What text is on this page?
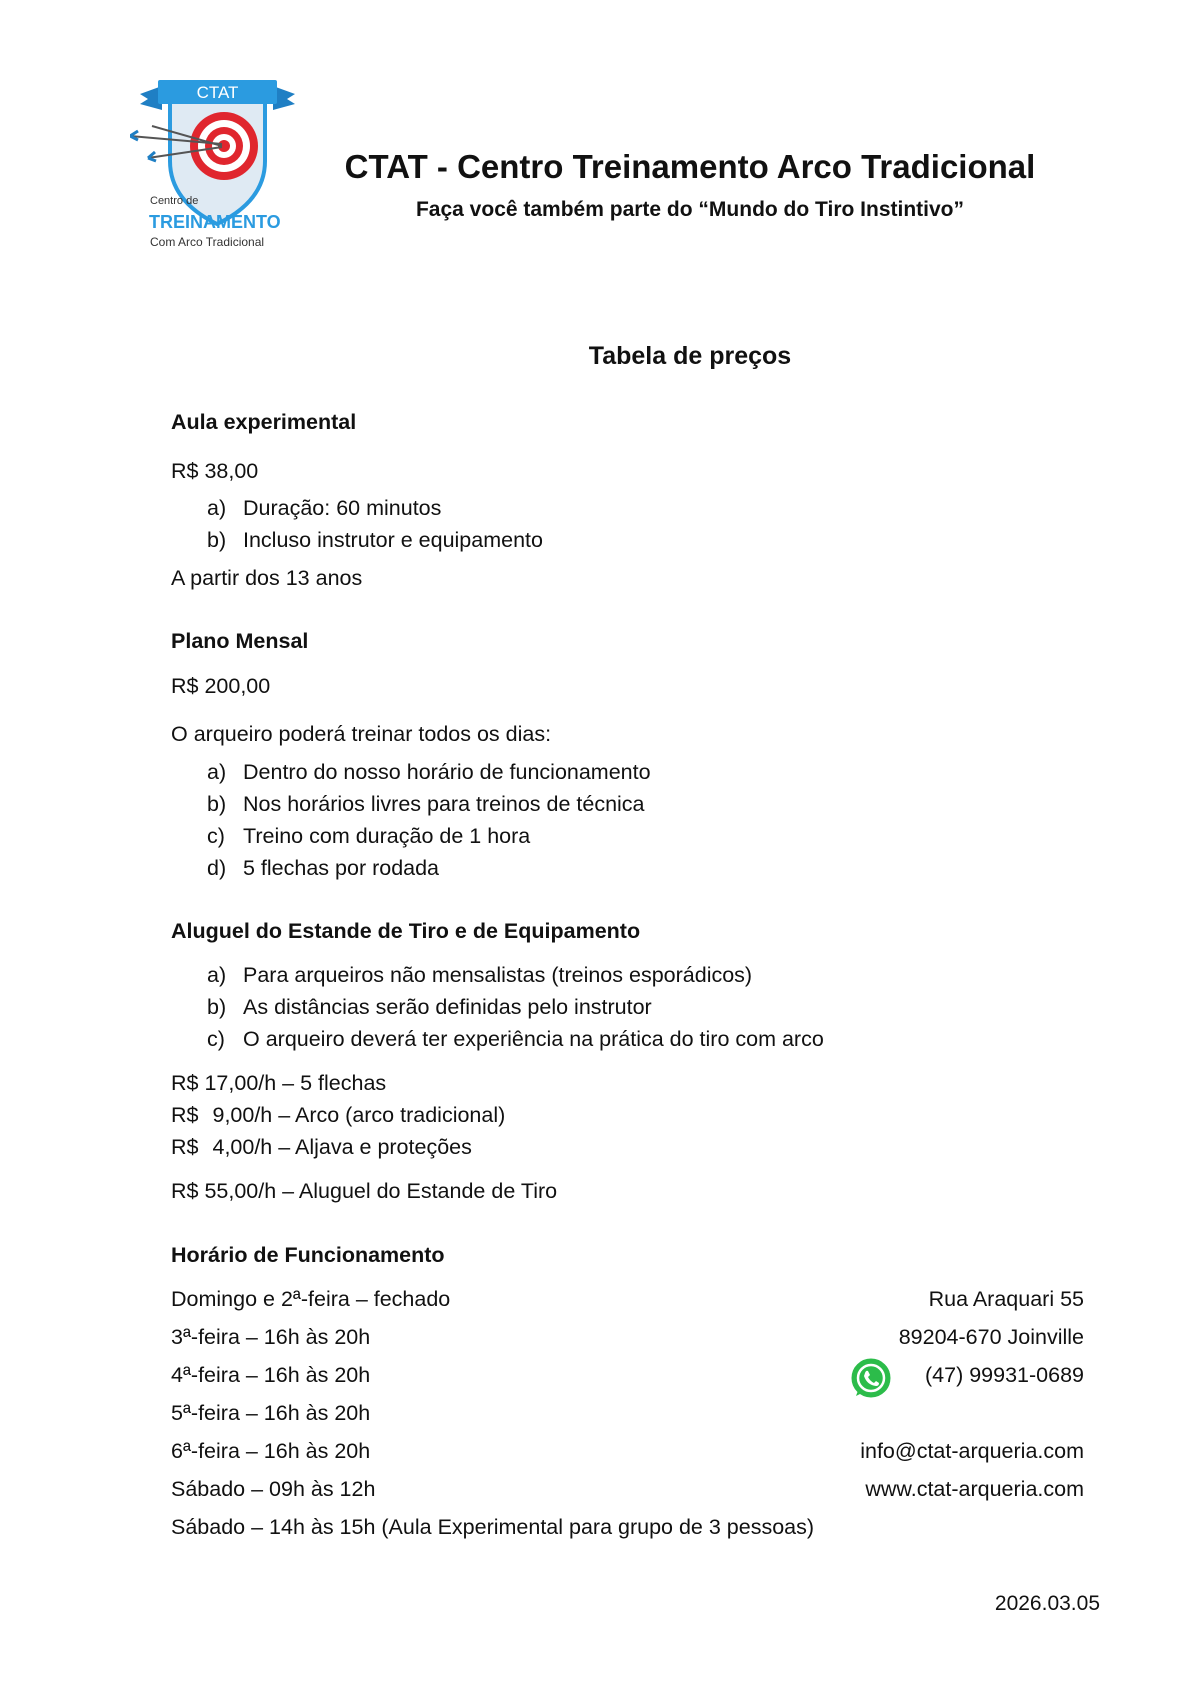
CTAT
Centro de
TREINAMENTO
Com Arco Tradicional
CTAT - Centro Treinamento Arco Tradicional
Faça você também parte do “Mundo do Tiro Instintivo”
Tabela de preços
Aula experimental
R$ 38,00
a) Duração: 60 minutos
b) Incluso instrutor e equipamento
A partir dos 13 anos
Plano Mensal
R$ 200,00
O arqueiro poderá treinar todos os dias:
a) Dentro do nosso horário de funcionamento
b) Nos horários livres para treinos de técnica
c) Treino com duração de 1 hora
d) 5 flechas por rodada
Aluguel do Estande de Tiro e de Equipamento
a) Para arqueiros não mensalistas (treinos esporádicos)
b) As distâncias serão definidas pelo instrutor
c) O arqueiro deverá ter experiência na prática do tiro com arco
R$ 17,00/h – 5 flechas
R$ 9,00/h – Arco (arco tradicional)
R$ 4,00/h – Aljava e proteções
R$ 55,00/h – Aluguel do Estande de Tiro
Horário de Funcionamento
Domingo e 2ª-feira – fechado
3ª-feira – 16h às 20h
4ª-feira – 16h às 20h
5ª-feira – 16h às 20h
6ª-feira – 16h às 20h
Sábado – 09h às 12h
Sábado – 14h às 15h (Aula Experimental para grupo de 3 pessoas)
Rua Araquari 55
89204-670 Joinville
(47) 99931-0689
info@ctat-arqueria.com
www.ctat-arqueria.com
2026.03.05
